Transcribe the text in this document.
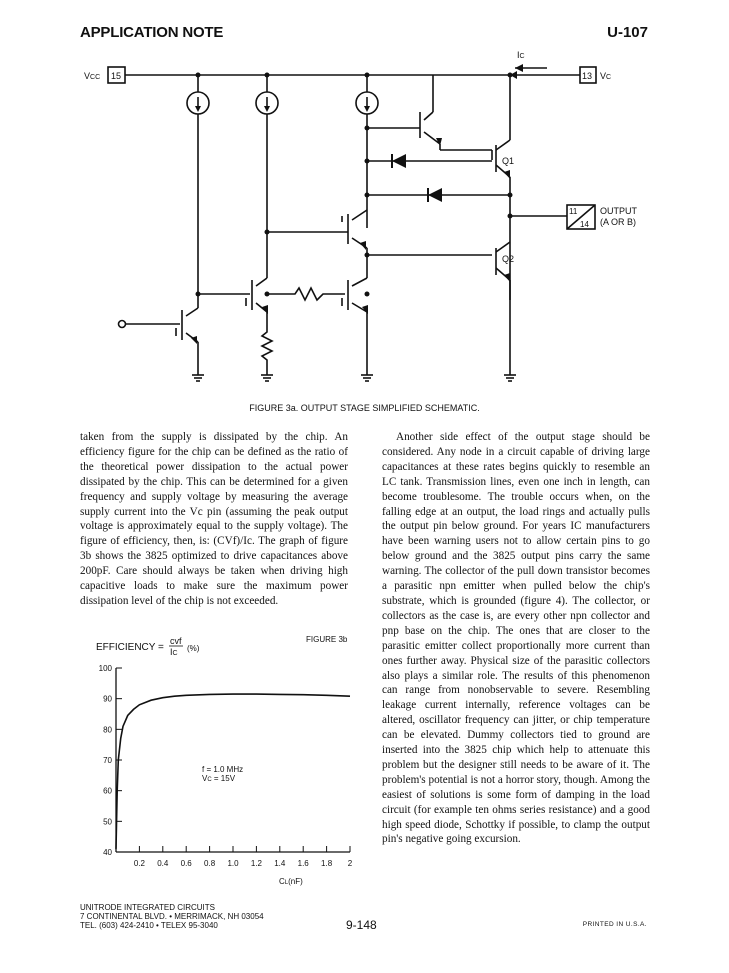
APPLICATION NOTE	U-107
VCC 15	13 VC
IC
11
14
OUTPUT
(A OR B)
Q1
Q2
FIGURE 3a. OUTPUT STAGE SIMPLIFIED SCHEMATIC.

taken from the supply is dissipated by the chip. An efficiency figure for the chip can be defined as the ratio of the theoretical power dissipation to the actual power dissipated by the chip. This can be determined for a given frequency and supply voltage by measuring the average supply current into the Vc pin (assuming the peak output voltage is approximately equal to the supply voltage). The figure of efficiency, then, is: (CVf)/Ic. The graph of figure 3b shows the 3825 optimized to drive capacitances above 200pF. Care should always be taken when driving high capacitive loads to make sure the maximum power dissipation level of the chip is not exceeded.

Another side effect of the output stage should be considered. Any node in a circuit capable of driving large capacitances at these rates begins quickly to resemble an LC tank. Transmission lines, even one inch in length, can become troublesome. The trouble occurs when, on the falling edge at an output, the load rings and actually pulls the output pin below ground. For years IC manufacturers have been warning users not to allow certain pins to go below ground and the 3825 output pins carry the same warning. The collector of the pull down transistor becomes a parasitic npn emitter when pulled below the chip's substrate, which is grounded (figure 4). The collector, or collectors as the case is, are every other npn collector and pnp base on the chip. The ones that are closer to the parasitic emitter collect proportionally more current than ones further away. Physical size of the parasitic collectors also plays a similar role. The results of this phenomenon can range from nonobservable to severe. Resembling leakage current internally, reference voltages can be altered, oscillator frequency can jitter, or chip temperature can be elevated. Dummy collectors tied to ground are inserted into the 3825 chip which help to attenuate this problem but the designer still needs to be aware of it. The problem's potential is not a horror story, though. Among the easiest of solutions is some form of damping in the load circuit (for example ten ohms series resistance) and a good high speed diode, Schottky if possible, to clamp the output pin's negative going excursion.

EFFICIENCY =
cvf
IC
(%)
FIGURE 3b
100
90
80
70
60
50
40
0.2 0.4 0.6 0.8 1.0 1.2 1.4 1.6 1.8 2
f = 1.0 MHz
VC = 15V
CL(nF)
UNITRODE INTEGRATED CIRCUITS
7 CONTINENTAL BLVD. • MERRIMACK, NH 03054
TEL. (603) 424-2410 • TELEX 95-3040	9-148	PRINTED IN U.S.A.
